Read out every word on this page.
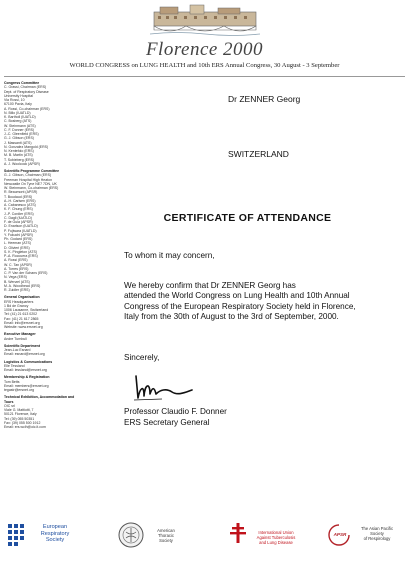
Florence 2000
WORLD CONGRESS on LUNG HEALTH and 10th ERS Annual Congress, 30 August - 3 September
Congress Committee
C. Grassi, Chairman (ERS)
Dept. of Respiratory Disease
University Hospital
Via Rossi, 10
67100 Pavia, Italy
A. Rossi, Co-chairman (ERS)
N. Billo (IUATLD)
K. Bartholl (IUATLD)
C. Bosberg (ATS)
W. Steinmann (ATS)
C. F. Donner (ERS)
J.-C. Gleenfield (ERS)
G. J. Gibson (ERS)
J. Massanti (ATS)
N. Gonzalez Mangold (ERS)
N. Kentefolo (ERS)
M. B. Martin (ATS)
T. Sobieberg (ERS)
A. J. Woolcock (APSR)
Scientific Programme Committee
G. J. Gibson, Chairman (ERS)
Freeman Hospital High Heaton
Newcastle On Tyne NE7 7DN, UK
W. Steinmann, Co-chairman (ERS)
R. Beaumont (APSR)
T. Boudaud (ERS)
A.-H. Carlsen (ERS)
A. Cabanesco (ATS)
K. F. Chung (ERS)
J.-P. Cordier (ERS)
C. Dagli (IUATLD)
F. de Guia (APSR)
D. Enarlson (IUATLD)
P. Fujiwara (IUATLD)
Y. Fukuchi (APSR)
Ph. Godard (ERS)
L. Heeman (ATS)
D. Olivieri (ERS)
S. K. Pingleton (ATS)
P.-A. Roccuera (ERS)
A. Rossi (ERS)
W. C. Tan (APSR)
A. Torres (ERS)
C. P. Van der Schans (ERS)
N. Vega (ERS)
B. Wenzel (ATS)
M. A. Woodhead (ERS)
R. Zuidler (ERS)
General Organisation
ERS Headquarters
1 Bd de Grancy
1006 Lausanne, Switzerland
Tel: (41) 21 613 0202
Fax: (41) 21 617 2865
Email: info@ersnet.org
Website: www.ersnet.org
Executive Manager
Andre Turnbull
Scientific Department
Jean-Luc Esnard
Email: esnard@ersnet.org
Logistics & Communications
Elle Tessland
Email: lessland@ersnet.org
Membership & Registration
Tom Betts
Email: members@ersnet.org
tegastr@ersnet.org
Technical Exhibition, Accommodation and Tours
OIC srl
Viale G. Mattiotti, 7
50121 Florence, Italy
Tel: (39) 055 50351
Fax: (39) 055 500 1912
Email: ers.wclh@oic.it.com
Dr ZENNER Georg
SWITZERLAND
CERTIFICATE OF ATTENDANCE
To whom it may concern,
We hereby confirm that Dr ZENNER Georg has
attended the World Congress on Lung Health and 10th Annual
Congress of the European Respiratory Society held in Florence,
Italy from the 30th of August to the 3rd of September, 2000.
Sincerely,
Professor Claudio F. Donner
ERS Secretary General
European
Respiratory
Society
American
Thoracic
Society
International Union
Against Tuberculosis
and Lung Disease
APSR
The Asian Pacific
Society
of Respirology
